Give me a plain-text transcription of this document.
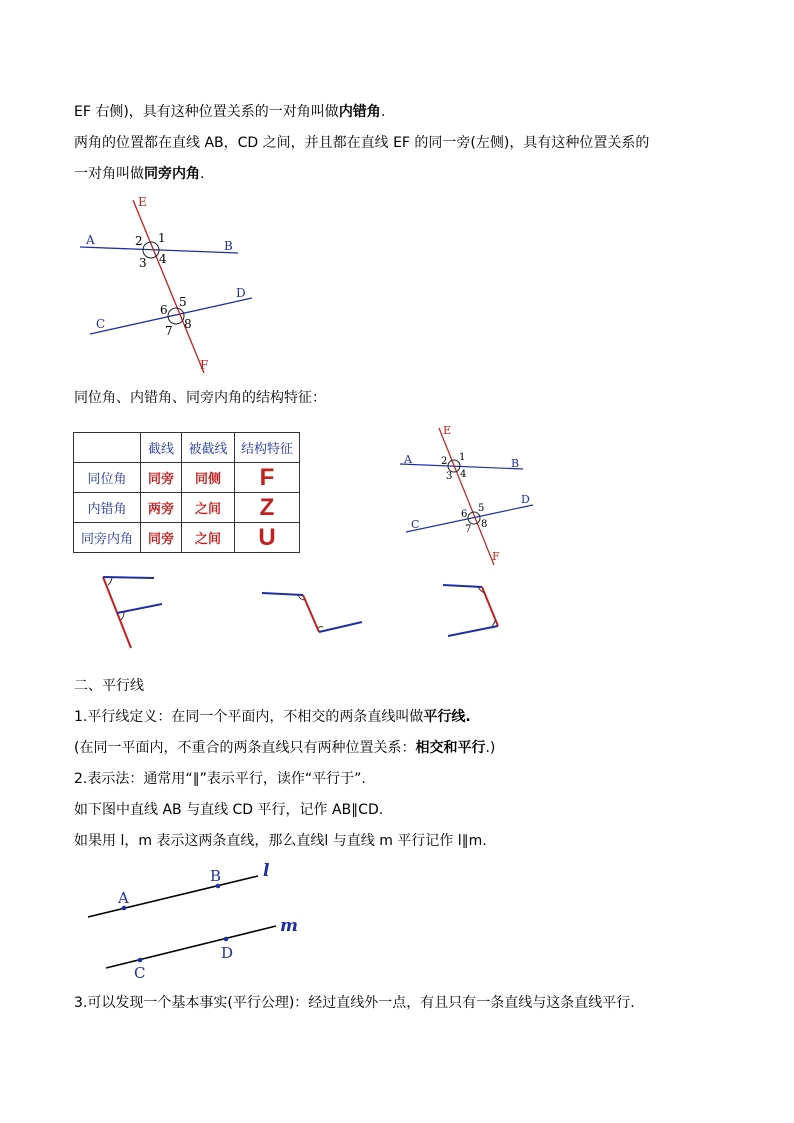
EF 右侧)，具有这种位置关系的一对角叫做内错角.
两角的位置都在直线 AB，CD 之间，并且都在直线 EF 的同一旁(左侧)，具有这种位置关系的
一对角叫做同旁内角.
E
A	B
C
D
F
1
2
3 4
5
6
7 8
同位角、内错角、同旁内角的结构特征：
	截线	被截线	结构特征
同位角	同旁	同侧	F
内错角	两旁	之间	Z
同旁内角	同旁	之间	U
E
A	B
C
D
F
1
2
3 4
5
6
7 8
二、平行线
1.平行线定义：在同一个平面内，不相交的两条直线叫做平行线.
(在同一平面内，不重合的两条直线只有两种位置关系：相交和平行.)
2.表示法：通常用“∥”表示平行，读作“平行于”.
如下图中直线 AB 与直线 CD 平行，记作 AB∥CD.
如果用 l，m 表示这两条直线，那么直线l 与直线 m 平行记作 l∥m.
A
B
C
D
l
m
3.可以发现一个基本事实(平行公理)：经过直线外一点，有且只有一条直线与这条直线平行.
